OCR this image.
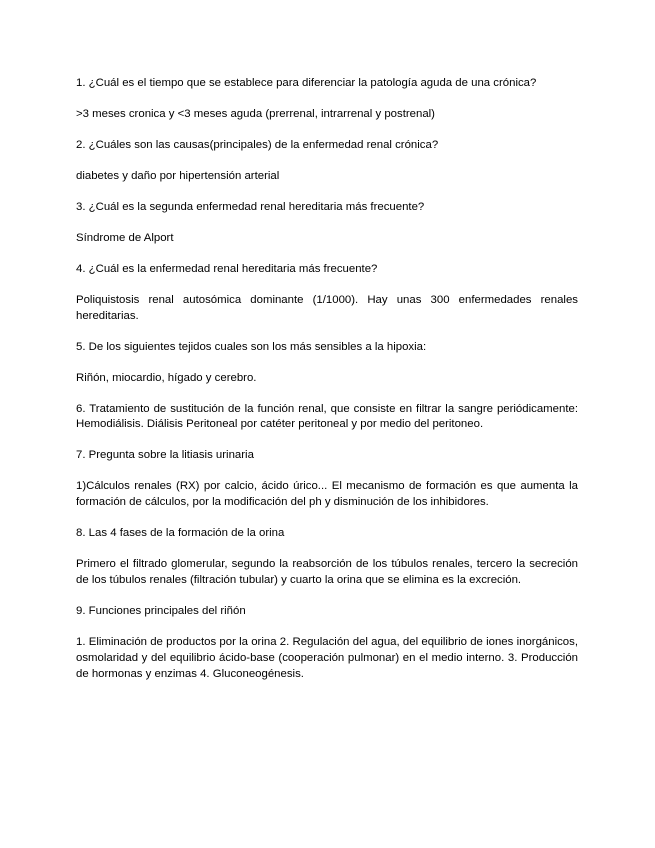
1. ¿Cuál es el tiempo que se establece para diferenciar la patología aguda de una crónica?

>3 meses cronica y <3 meses aguda (prerrenal, intrarrenal y postrenal)

2. ¿Cuáles son las causas(principales) de la enfermedad renal crónica?

diabetes y daño por hipertensión arterial

3. ¿Cuál es la segunda enfermedad renal hereditaria más frecuente?

Síndrome de Alport

4. ¿Cuál es la enfermedad renal hereditaria más frecuente?

Poliquistosis renal autosómica dominante (1/1000). Hay unas 300 enfermedades renales hereditarias.

5. De los siguientes tejidos cuales son los más sensibles a la hipoxia:

Riñón, miocardio, hígado y cerebro.

6. Tratamiento de sustitución de la función renal, que consiste en filtrar la sangre periódicamente: Hemodiálisis. Diálisis Peritoneal por catéter peritoneal y por medio del peritoneo.

7. Pregunta sobre la litiasis urinaria

1)Cálculos renales (RX) por calcio, ácido úrico... El mecanismo de formación es que aumenta la formación de cálculos, por la modificación del ph y disminución de los inhibidores.

8. Las 4 fases de la formación de la orina

Primero el filtrado glomerular, segundo la reabsorción de los túbulos renales, tercero la secreción de los túbulos renales (filtración tubular) y cuarto la orina que se elimina es la excreción.

9. Funciones principales del riñón

1. Eliminación de productos por la orina 2. Regulación del agua, del equilibrio de iones inorgánicos, osmolaridad y del equilibrio ácido-base (cooperación pulmonar) en el medio interno. 3. Producción de hormonas y enzimas 4. Gluconeogénesis.
